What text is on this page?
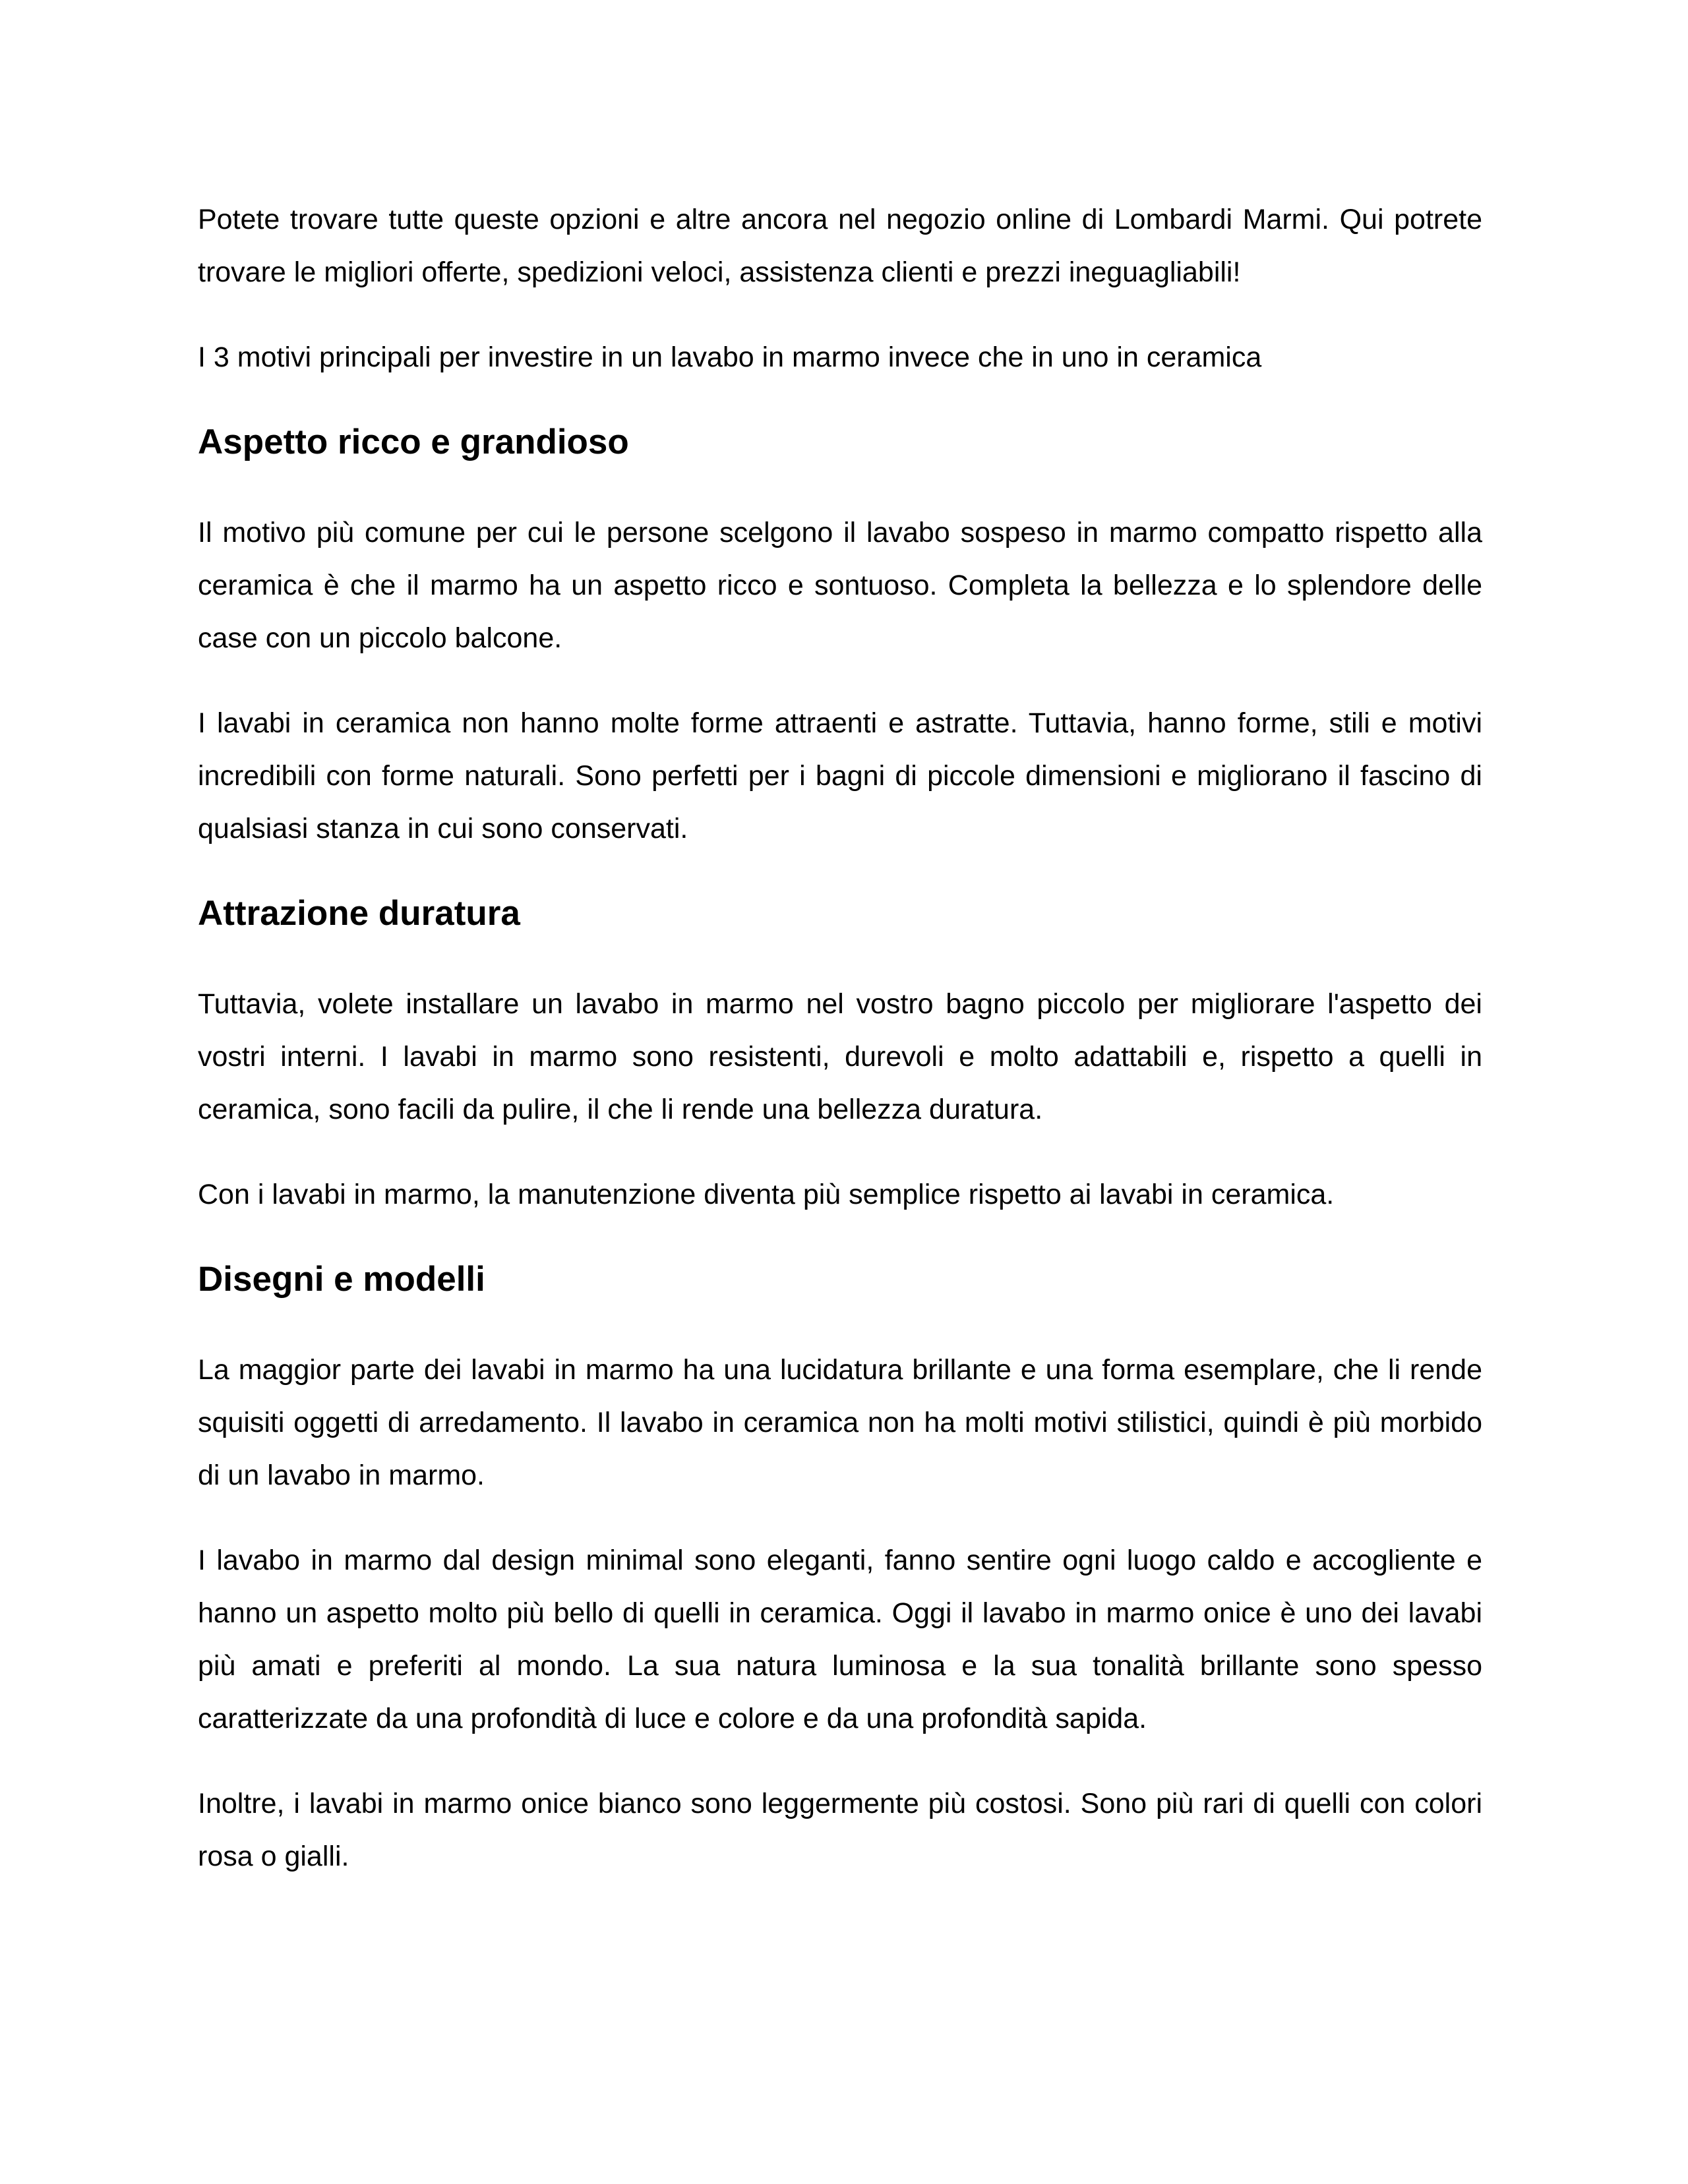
Potete trovare tutte queste opzioni e altre ancora nel negozio online di Lombardi Marmi. Qui potrete trovare le migliori offerte, spedizioni veloci, assistenza clienti e prezzi ineguagliabili!

I 3 motivi principali per investire in un lavabo in marmo invece che in uno in ceramica

Aspetto ricco e grandioso

Il motivo più comune per cui le persone scelgono il lavabo sospeso in marmo compatto rispetto alla ceramica è che il marmo ha un aspetto ricco e sontuoso. Completa la bellezza e lo splendore delle case con un piccolo balcone.

I lavabi in ceramica non hanno molte forme attraenti e astratte. Tuttavia, hanno forme, stili e motivi incredibili con forme naturali. Sono perfetti per i bagni di piccole dimensioni e migliorano il fascino di qualsiasi stanza in cui sono conservati.

Attrazione duratura

Tuttavia, volete installare un lavabo in marmo nel vostro bagno piccolo per migliorare l'aspetto dei vostri interni. I lavabi in marmo sono resistenti, durevoli e molto adattabili e, rispetto a quelli in ceramica, sono facili da pulire, il che li rende una bellezza duratura.

Con i lavabi in marmo, la manutenzione diventa più semplice rispetto ai lavabi in ceramica.

Disegni e modelli

La maggior parte dei lavabi in marmo ha una lucidatura brillante e una forma esemplare, che li rende squisiti oggetti di arredamento. Il lavabo in ceramica non ha molti motivi stilistici, quindi è più morbido di un lavabo in marmo.

I lavabo in marmo dal design minimal sono eleganti, fanno sentire ogni luogo caldo e accogliente e hanno un aspetto molto più bello di quelli in ceramica. Oggi il lavabo in marmo onice è uno dei lavabi più amati e preferiti al mondo. La sua natura luminosa e la sua tonalità brillante sono spesso caratterizzate da una profondità di luce e colore e da una profondità sapida.

Inoltre, i lavabi in marmo onice bianco sono leggermente più costosi. Sono più rari di quelli con colori rosa o gialli.
